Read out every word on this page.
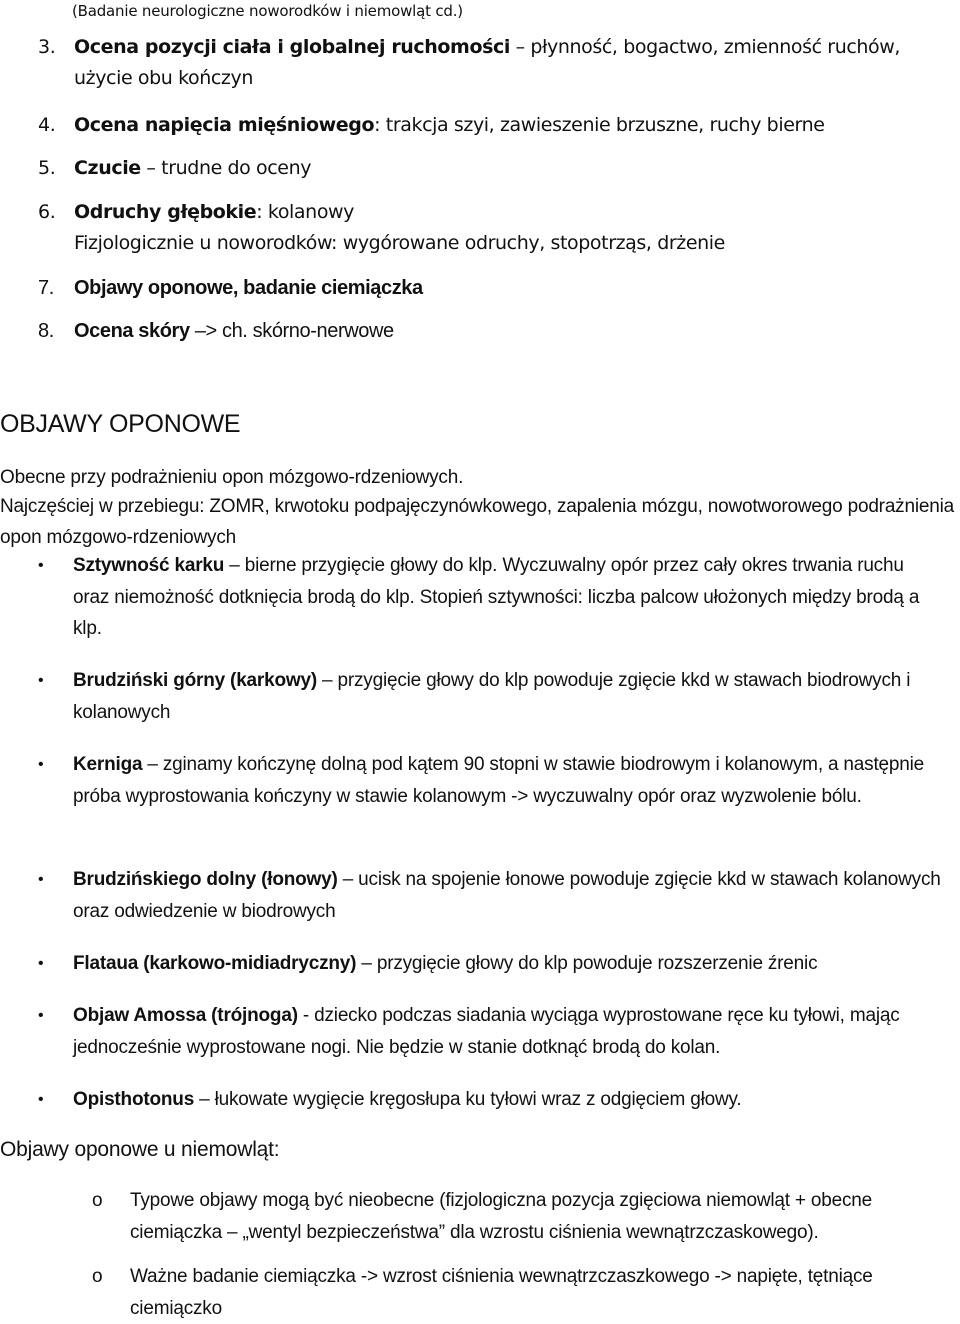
(Badanie neurologiczne noworodków i niemowląt cd.)
3. Ocena pozycji ciała i globalnej ruchomości – płynność, bogactwo, zmienność ruchów, użycie obu kończyn
4. Ocena napięcia mięśniowego: trakcja szyi, zawieszenie brzuszne, ruchy bierne
5. Czucie – trudne do oceny
6. Odruchy głębokie: kolanowy
Fizjologicznie u noworodków: wygórowane odruchy, stopotrząs, drżenie
7. Objawy oponowe, badanie ciemiączka
8. Ocena skóry –> ch. skórno-nerwowe
OBJAWY OPONOWE
Obecne przy podrażnieniu opon mózgowo-rdzeniowych.
Najczęściej w przebiegu: ZOMR, krwotoku podpajęczynówkowego, zapalenia mózgu, nowotworowego podrażnienia opon mózgowo-rdzeniowych
• Sztywność karku – bierne przygięcie głowy do klp. Wyczuwalny opór przez cały okres trwania ruchu oraz niemożność dotknięcia brodą do klp. Stopień sztywności: liczba palcow ułożonych między brodą a klp.
• Brudziński górny (karkowy) – przygięcie głowy do klp powoduje zgięcie kkd w stawach biodrowych i kolanowych
• Kerniga – zginamy kończynę dolną pod kątem 90 stopni w stawie biodrowym i kolanowym, a następnie próba wyprostowania kończyny w stawie kolanowym -> wyczuwalny opór oraz wyzwolenie bólu.
• Brudzińskiego dolny (łonowy) – ucisk na spojenie łonowe powoduje zgięcie kkd w stawach kolanowych oraz odwiedzenie w biodrowych
• Flataua (karkowo-midiadryczny) – przygięcie głowy do klp powoduje rozszerzenie źrenic
• Objaw Amossa (trójnoga) - dziecko podczas siadania wyciąga wyprostowane ręce ku tyłowi, mając jednocześnie wyprostowane nogi. Nie będzie w stanie dotknąć brodą do kolan.
• Opisthotonus – łukowate wygięcie kręgosłupa ku tyłowi wraz z odgięciem głowy.
Objawy oponowe u niemowląt:
o Typowe objawy mogą być nieobecne (fizjologiczna pozycja zgięciowa niemowląt + obecne ciemiączka – „wentyl bezpieczeństwa” dla wzrostu ciśnienia wewnątrzczaskowego).
o Ważne badanie ciemiączka -> wzrost ciśnienia wewnątrzczaszkowego -> napięte, tętniące ciemiączko
